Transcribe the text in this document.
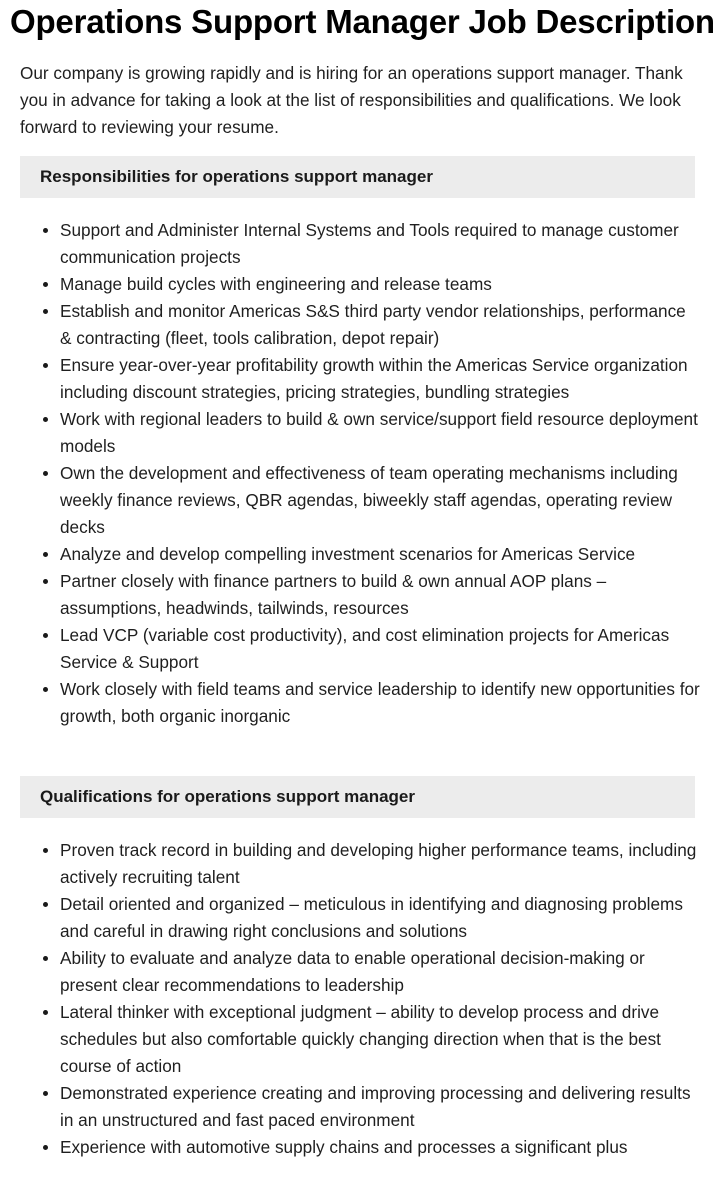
Operations Support Manager Job Description

Our company is growing rapidly and is hiring for an operations support manager. Thank you in advance for taking a look at the list of responsibilities and qualifications. We look forward to reviewing your resume.

Responsibilities for operations support manager
Support and Administer Internal Systems and Tools required to manage customer communication projects
Manage build cycles with engineering and release teams
Establish and monitor Americas S&S third party vendor relationships, performance & contracting (fleet, tools calibration, depot repair)
Ensure year-over-year profitability growth within the Americas Service organization including discount strategies, pricing strategies, bundling strategies
Work with regional leaders to build & own service/support field resource deployment models
Own the development and effectiveness of team operating mechanisms including weekly finance reviews, QBR agendas, biweekly staff agendas, operating review decks
Analyze and develop compelling investment scenarios for Americas Service
Partner closely with finance partners to build & own annual AOP plans – assumptions, headwinds, tailwinds, resources
Lead VCP (variable cost productivity), and cost elimination projects for Americas Service & Support
Work closely with field teams and service leadership to identify new opportunities for growth, both organic inorganic
Qualifications for operations support manager
Proven track record in building and developing higher performance teams, including actively recruiting talent
Detail oriented and organized – meticulous in identifying and diagnosing problems and careful in drawing right conclusions and solutions
Ability to evaluate and analyze data to enable operational decision-making or present clear recommendations to leadership
Lateral thinker with exceptional judgment – ability to develop process and drive schedules but also comfortable quickly changing direction when that is the best course of action
Demonstrated experience creating and improving processing and delivering results in an unstructured and fast paced environment
Experience with automotive supply chains and processes a significant plus
